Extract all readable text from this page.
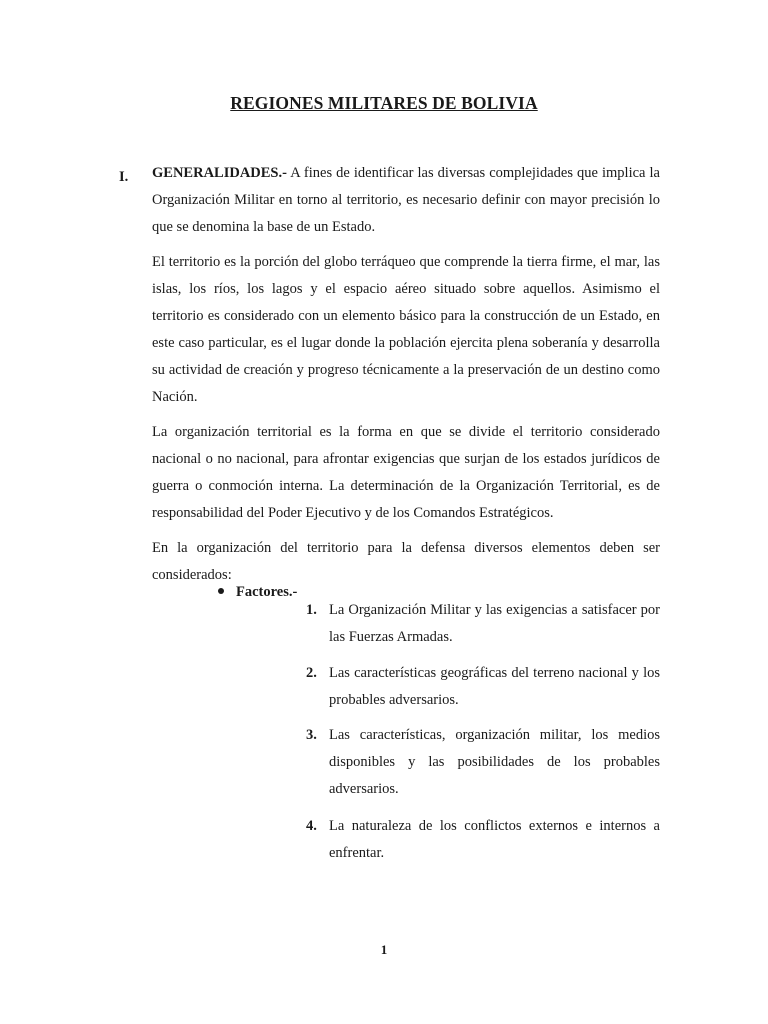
REGIONES MILITARES DE BOLIVIA
I. GENERALIDADES.- A fines de identificar las diversas complejidades que implica la Organización Militar en torno al territorio, es necesario definir con mayor precisión lo que se denomina la base de un Estado.

El territorio es la porción del globo terráqueo que comprende la tierra firme, el mar, las islas, los ríos, los lagos y el espacio aéreo situado sobre aquellos. Asimismo el territorio es considerado con un elemento básico para la construcción de un Estado, en este caso particular, es el lugar donde la población ejercita plena soberanía y desarrolla su actividad de creación y progreso técnicamente a la preservación de un destino como Nación.

La organización territorial es la forma en que se divide el territorio considerado nacional o no nacional, para afrontar exigencias que surjan de los estados jurídicos de guerra o conmoción interna. La determinación de la Organización Territorial, es de responsabilidad del Poder Ejecutivo y de los Comandos Estratégicos.

En la organización del territorio para la defensa diversos elementos deben ser considerados:

Factores.-
1. La Organización Militar y las exigencias a satisfacer por las Fuerzas Armadas.
2. Las características geográficas del terreno nacional y los probables adversarios.
3. Las características, organización militar, los medios disponibles y las posibilidades de los probables adversarios.
4. La naturaleza de los conflictos externos e internos a enfrentar.
1
